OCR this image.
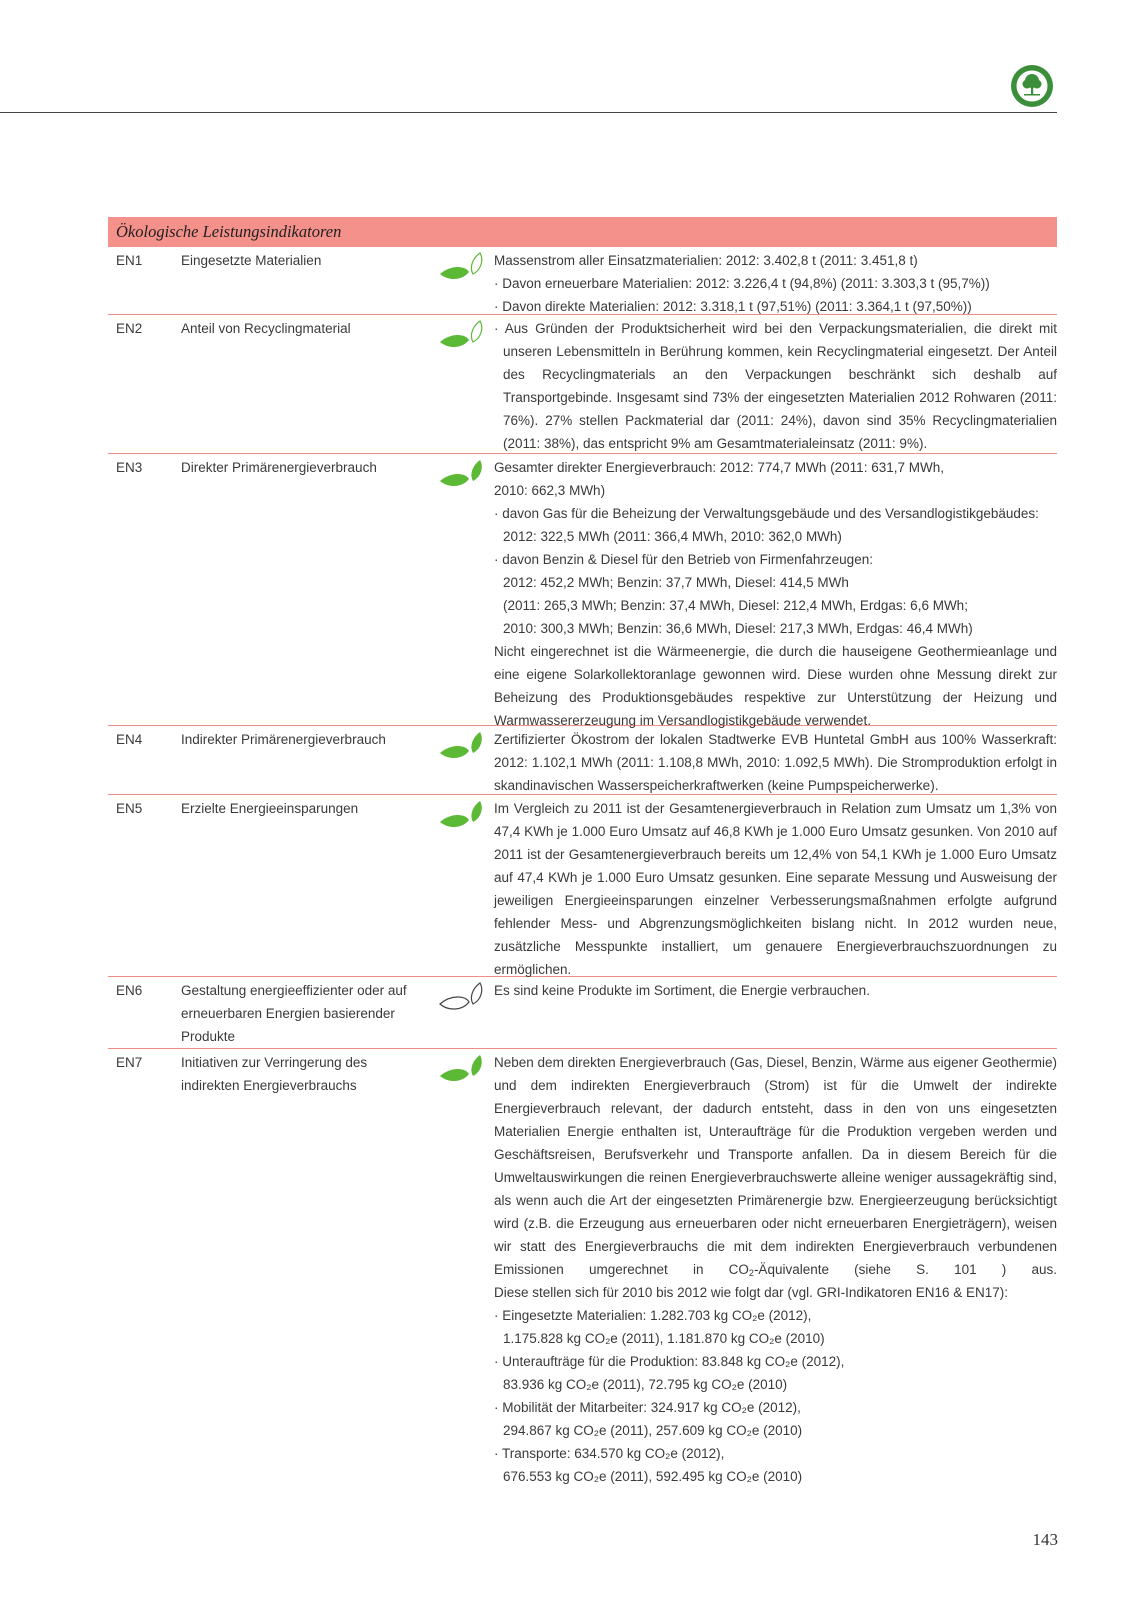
Ökologische Leistungsindikatoren
EN1	Eingesetzte Materialien	Massenstrom aller Einsatzmaterialien: 2012: 3.402,8 t (2011: 3.451,8 t)
· Davon erneuerbare Materialien: 2012: 3.226,4 t (94,8%) (2011: 3.303,3 t (95,7%))
· Davon direkte Materialien: 2012: 3.318,1 t (97,51%) (2011: 3.364,1 t (97,50%))
EN2	Anteil von Recyclingmaterial	· Aus Gründen der Produktsicherheit wird bei den Verpackungsmaterialien, die direkt mit unseren Lebensmitteln in Berührung kommen, kein Recyclingmaterial eingesetzt. Der Anteil des Recyclingmaterials an den Verpackungen beschränkt sich deshalb auf Transportgebinde. Insgesamt sind 73% der eingesetzten Materialien 2012 Rohwaren (2011: 76%). 27% stellen Packmaterial dar (2011: 24%), davon sind 35% Recyclingmaterialien (2011: 38%), das entspricht 9% am Gesamtmaterialeinsatz (2011: 9%).
EN3	Direkter Primärenergieverbrauch	Gesamter direkter Energieverbrauch: 2012: 774,7 MWh (2011: 631,7 MWh,
2010: 662,3 MWh)
· davon Gas für die Beheizung der Verwaltungsgebäude und des Versandlogistikgebäudes:
2012: 322,5 MWh (2011: 366,4 MWh, 2010: 362,0 MWh)
· davon Benzin & Diesel für den Betrieb von Firmenfahrzeugen:
2012: 452,2 MWh; Benzin: 37,7 MWh, Diesel: 414,5 MWh
(2011: 265,3 MWh; Benzin: 37,4 MWh, Diesel: 212,4 MWh, Erdgas: 6,6 MWh;
2010: 300,3 MWh; Benzin: 36,6 MWh, Diesel: 217,3 MWh, Erdgas: 46,4 MWh)
Nicht eingerechnet ist die Wärmeenergie, die durch die hauseigene Geothermieanlage und eine eigene Solarkollektoranlage gewonnen wird. Diese wurden ohne Messung direkt zur Beheizung des Produktionsgebäudes respektive zur Unterstützung der Heizung und Warmwassererzeugung im Versandlogistikgebäude verwendet.
EN4	Indirekter Primärenergieverbrauch	Zertifizierter Ökostrom der lokalen Stadtwerke EVB Huntetal GmbH aus 100% Wasserkraft: 2012: 1.102,1 MWh (2011: 1.108,8 MWh, 2010: 1.092,5 MWh). Die Stromproduktion erfolgt in skandinavischen Wasserspeicherkraftwerken (keine Pumpspeicherwerke).
EN5	Erzielte Energieeinsparungen	Im Vergleich zu 2011 ist der Gesamtenergieverbrauch in Relation zum Umsatz um 1,3% von 47,4 KWh je 1.000 Euro Umsatz auf 46,8 KWh je 1.000 Euro Umsatz gesunken. Von 2010 auf 2011 ist der Gesamtenergieverbrauch bereits um 12,4% von 54,1 KWh je 1.000 Euro Umsatz auf 47,4 KWh je 1.000 Euro Umsatz gesunken. Eine separate Messung und Ausweisung der jeweiligen Energieeinsparungen einzelner Verbesserungsmaßnahmen erfolgte aufgrund fehlender Mess- und Abgrenzungsmöglichkeiten bislang nicht. In 2012 wurden neue, zusätzliche Messpunkte installiert, um genauere Energieverbrauchszuordnungen zu ermöglichen.
EN6	Gestaltung energieeffizienter oder auf erneuerbaren Energien basierender Produkte
Es sind keine Produkte im Sortiment, die Energie verbrauchen.
EN7	Initiativen zur Verringerung des indirekten Energieverbrauchs
Neben dem direkten Energieverbrauch (Gas, Diesel, Benzin, Wärme aus eigener Geothermie) und dem indirekten Energieverbrauch (Strom) ist für die Umwelt der indirekte Energieverbrauch relevant, der dadurch entsteht, dass in den von uns eingesetzten Materialien Energie enthalten ist, Unteraufträge für die Produktion vergeben werden und Geschäftsreisen, Berufsverkehr und Transporte anfallen. Da in diesem Bereich für die Umweltauswirkungen die reinen Energieverbrauchswerte alleine weniger aussagekräftig sind, als wenn auch die Art der eingesetzten Primärenergie bzw. Energieerzeugung berücksichtigt wird (z.B. die Erzeugung aus erneuerbaren oder nicht erneuerbaren Energieträgern), weisen wir statt des Energieverbrauchs die mit dem indirekten Energieverbrauch verbundenen Emissionen umgerechnet in $CO_2$-Äquivalente (siehe S. 101 ) aus.
Diese stellen sich für 2010 bis 2012 wie folgt dar (vgl. GRI-Indikatoren EN16 & EN17):
· Eingesetzte Materialien: 1.282.703 kg CO₂e (2012),
1.175.828 kg CO₂e (2011), 1.181.870 kg CO₂e (2010)
· Unteraufträge für die Produktion: 83.848 kg CO₂e (2012),
83.936 kg CO₂e (2011), 72.795 kg CO₂e (2010)
· Mobilität der Mitarbeiter: 324.917 kg CO₂e (2012),
294.867 kg CO₂e (2011), 257.609 kg CO₂e (2010)
· Transporte: 634.570 kg CO₂e (2012),
676.553 kg CO₂e (2011), 592.495 kg CO₂e (2010)
143
